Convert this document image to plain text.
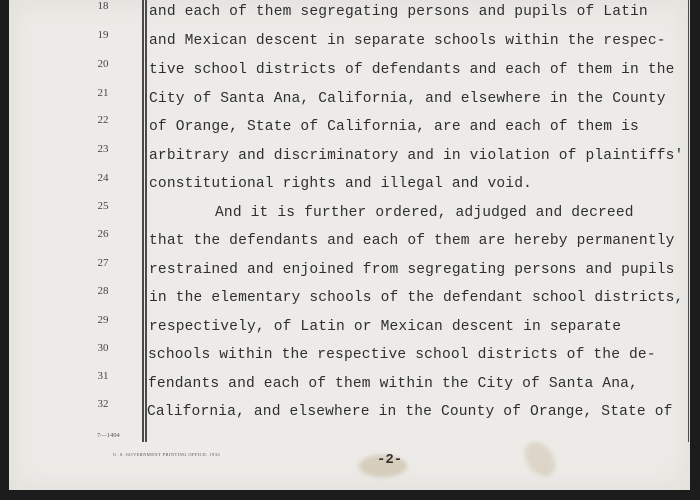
18
19
20
21
22
23
24
25
26
27
28
29
30
31
32
and each of them segregating persons and pupils of Latin
and Mexican descent in separate schools within the respec-
tive school districts of defendants and each of them in the
City of Santa Ana, California, and elsewhere in the County
of Orange, State of California, are and each of them is
arbitrary and discriminatory and in violation of plaintiffs'
constitutional rights and illegal and void.
And it is further ordered, adjudged and decreed
that the defendants and each of them are hereby permanently
restrained and enjoined from segregating persons and pupils
in the elementary schools of the defendant school districts,
respectively, of Latin or Mexican descent in separate
schools within the respective school districts of the de-
fendants and each of them within the City of Santa Ana,
California, and elsewhere in the County of Orange, State of
7—1494
U. S. GOVERNMENT PRINTING OFFICE: 1933	-2-
